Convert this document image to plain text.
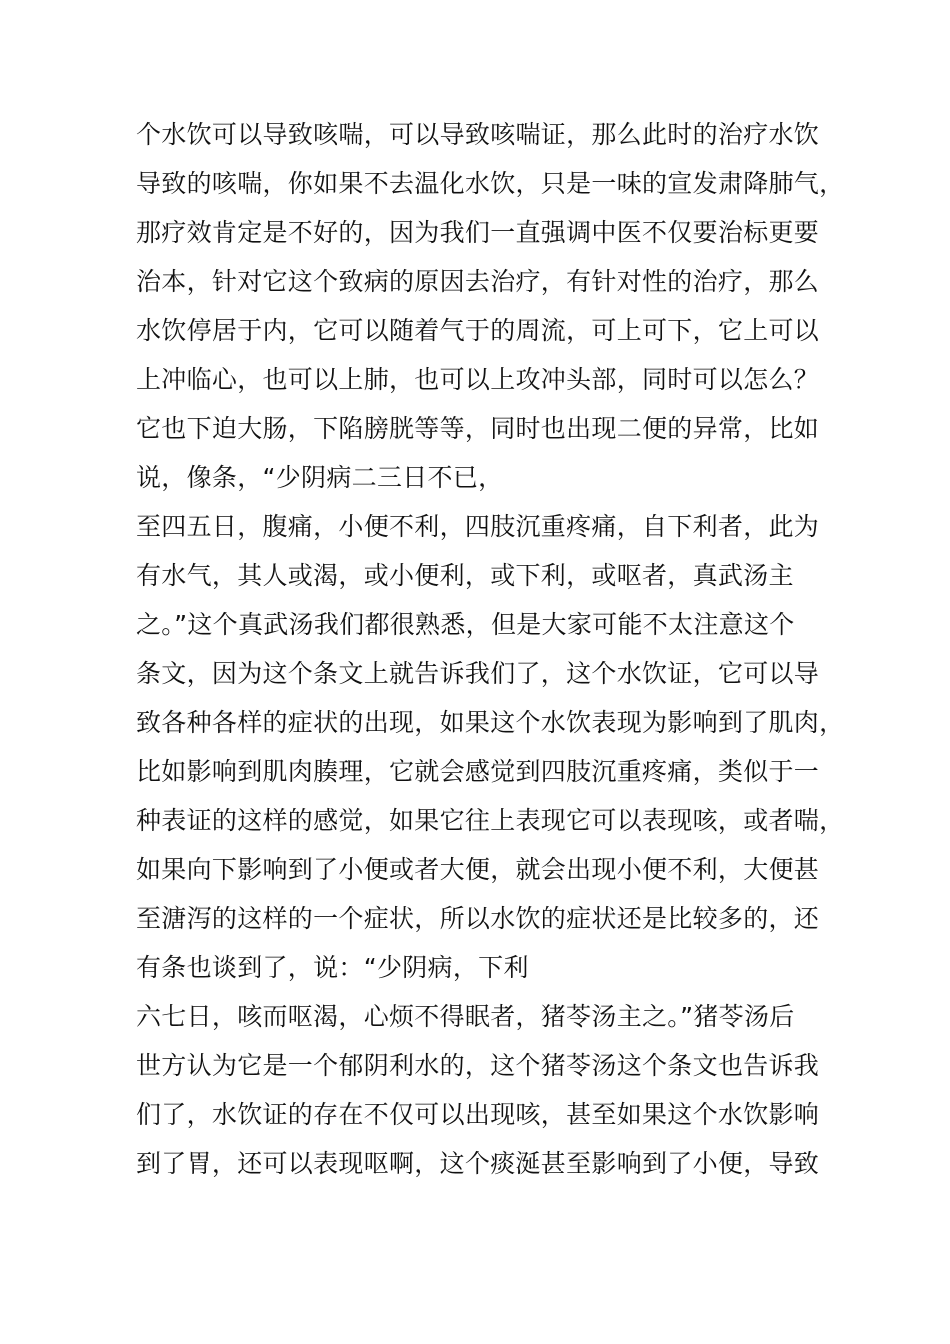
个水饮可以导致咳喘，可以导致咳喘证，那么此时的治疗水饮
导致的咳喘，你如果不去温化水饮，只是一味的宣发肃降肺气，
那疗效肯定是不好的，因为我们一直强调中医不仅要治标更要
治本，针对它这个致病的原因去治疗，有针对性的治疗，那么
水饮停居于内，它可以随着气于的周流，可上可下，它上可以
上冲临心，也可以上肺，也可以上攻冲头部，同时可以怎么？
它也下迫大肠，下陷膀胱等等，同时也出现二便的异常，比如
说，像条，“少阴病二三日不已，
至四五日，腹痛，小便不利，四肢沉重疼痛，自下利者，此为
有水气，其人或渴，或小便利，或下利，或呕者，真武汤主
之。”这个真武汤我们都很熟悉，但是大家可能不太注意这个
条文，因为这个条文上就告诉我们了，这个水饮证，它可以导
致各种各样的症状的出现，如果这个水饮表现为影响到了肌肉，
比如影响到肌肉腠理，它就会感觉到四肢沉重疼痛，类似于一
种表证的这样的感觉，如果它往上表现它可以表现咳，或者喘，
如果向下影响到了小便或者大便，就会出现小便不利，大便甚
至溏泻的这样的一个症状，所以水饮的症状还是比较多的，还
有条也谈到了，说：“少阴病，下利
六七日，咳而呕渴，心烦不得眠者，猪苓汤主之。”猪苓汤后
世方认为它是一个郁阴利水的，这个猪苓汤这个条文也告诉我
们了，水饮证的存在不仅可以出现咳，甚至如果这个水饮影响
到了胃，还可以表现呕啊，这个痰涎甚至影响到了小便，导致
